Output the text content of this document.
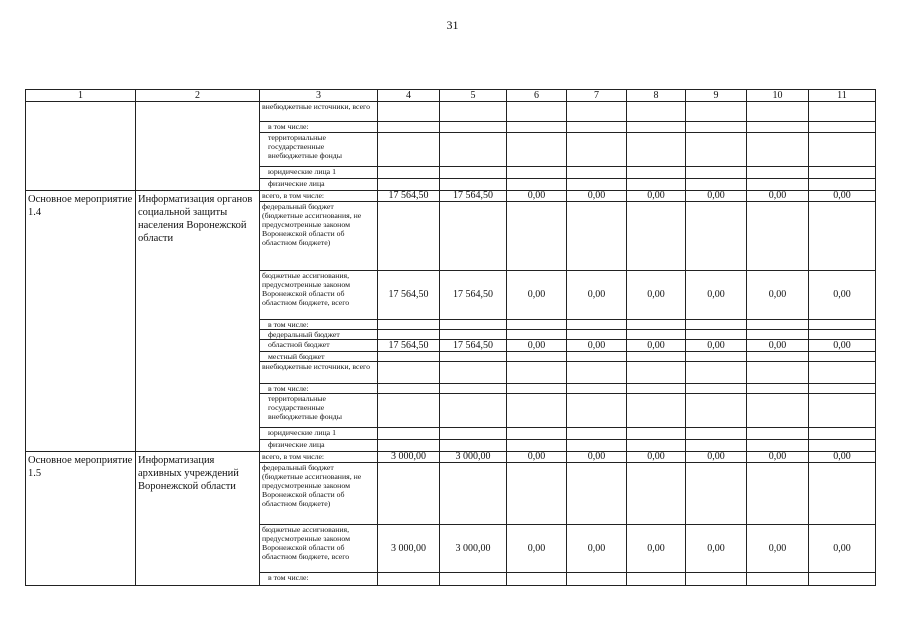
31
1	2	3	4	5	6	7	8	9	10	11
		внебюджетные источники, всего								
		в том числе:								
		территориальные государственные внебюджетные фонды								
		юридические лица 1								
		физические лица								
Основное мероприятие 1.4	Информатизация органов социальной защиты населения Воронежской области	всего, в том числе:	17 564,50	17 564,50	0,00	0,00	0,00	0,00	0,00	0,00
		федеральный бюджет (бюджетные ассигнования, не предусмотренные законом Воронежской области об областном бюджете)								
		бюджетные ассигнования, предусмотренные законом Воронежской области об областном бюджете, всего	17 564,50	17 564,50	0,00	0,00	0,00	0,00	0,00	0,00
		в том числе:								
		федеральный бюджет								
		областной бюджет	17 564,50	17 564,50	0,00	0,00	0,00	0,00	0,00	0,00
		местный бюджет								
		внебюджетные источники, всего								
		в том числе:								
		территориальные государственные внебюджетные фонды								
		юридические лица 1								
		физические лица								
Основное мероприятие 1.5	Информатизация архивных учреждений Воронежской области	всего, в том числе:	3 000,00	3 000,00	0,00	0,00	0,00	0,00	0,00	0,00
		федеральный бюджет (бюджетные ассигнования, не предусмотренные законом Воронежской области об областном бюджете)								
		бюджетные ассигнования, предусмотренные законом Воронежской области об областном бюджете, всего	3 000,00	3 000,00	0,00	0,00	0,00	0,00	0,00	0,00
		в том числе:								
